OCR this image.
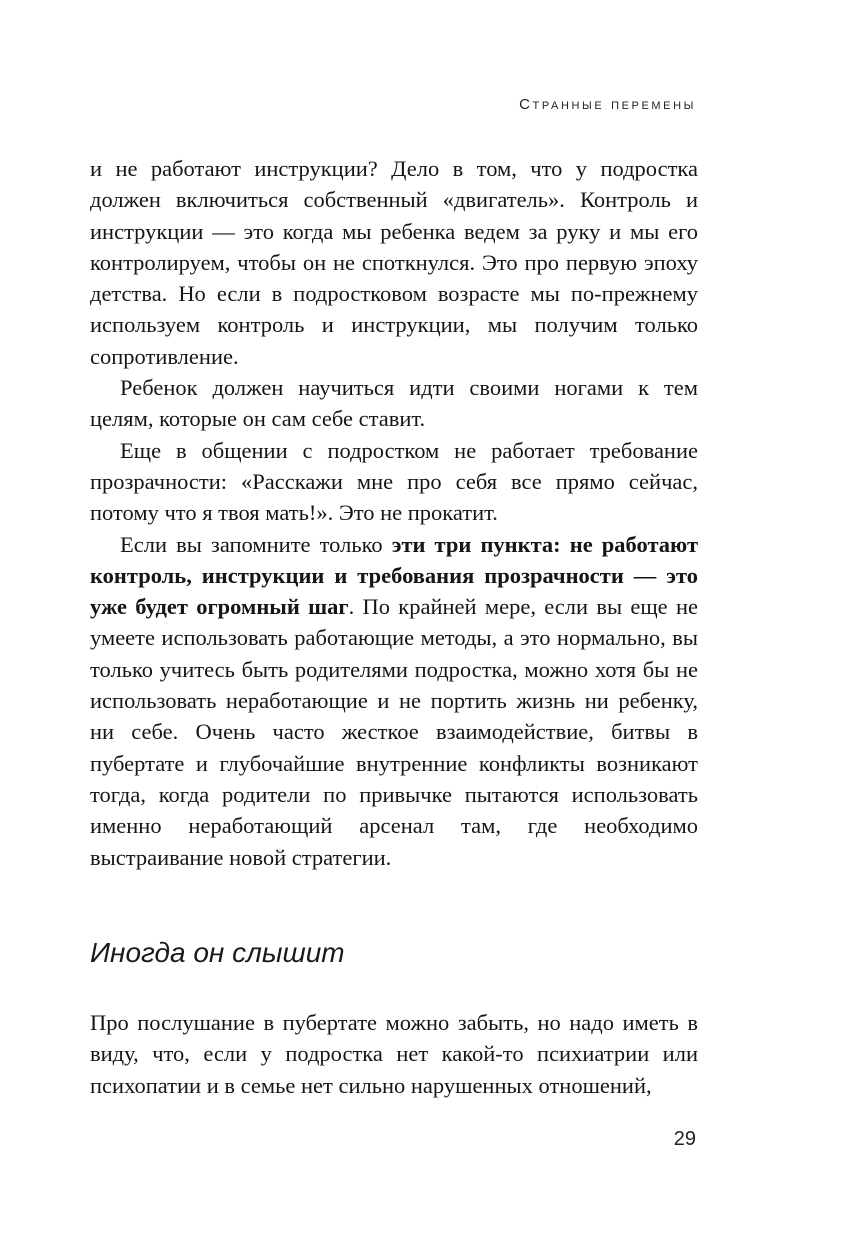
Странные перемены

и не работают инструкции? Дело в том, что у подростка должен включиться собственный «двигатель». Контроль и инструкции — это когда мы ребенка ведем за руку и мы его контролируем, чтобы он не споткнулся. Это про первую эпоху детства. Но если в подростковом возрасте мы по-прежнему используем контроль и инструкции, мы получим только сопротивление.

Ребенок должен научиться идти своими ногами к тем целям, которые он сам себе ставит.

Еще в общении с подростком не работает требование прозрачности: «Расскажи мне про себя все прямо сейчас, потому что я твоя мать!». Это не прокатит.

Если вы запомните только эти три пункта: не работают контроль, инструкции и требования прозрачности — это уже будет огромный шаг. По крайней мере, если вы еще не умеете использовать работающие методы, а это нормально, вы только учитесь быть родителями подростка, можно хотя бы не использовать неработающие и не портить жизнь ни ребенку, ни себе. Очень часто жесткое взаимодействие, битвы в пубертате и глубочайшие внутренние конфликты возникают тогда, когда родители по привычке пытаются использовать именно неработающий арсенал там, где необходимо выстраивание новой стратегии.

Иногда он слышит

Про послушание в пубертате можно забыть, но надо иметь в виду, что, если у подростка нет какой-то психиатрии или психопатии и в семье нет сильно нарушенных отношений,

29
